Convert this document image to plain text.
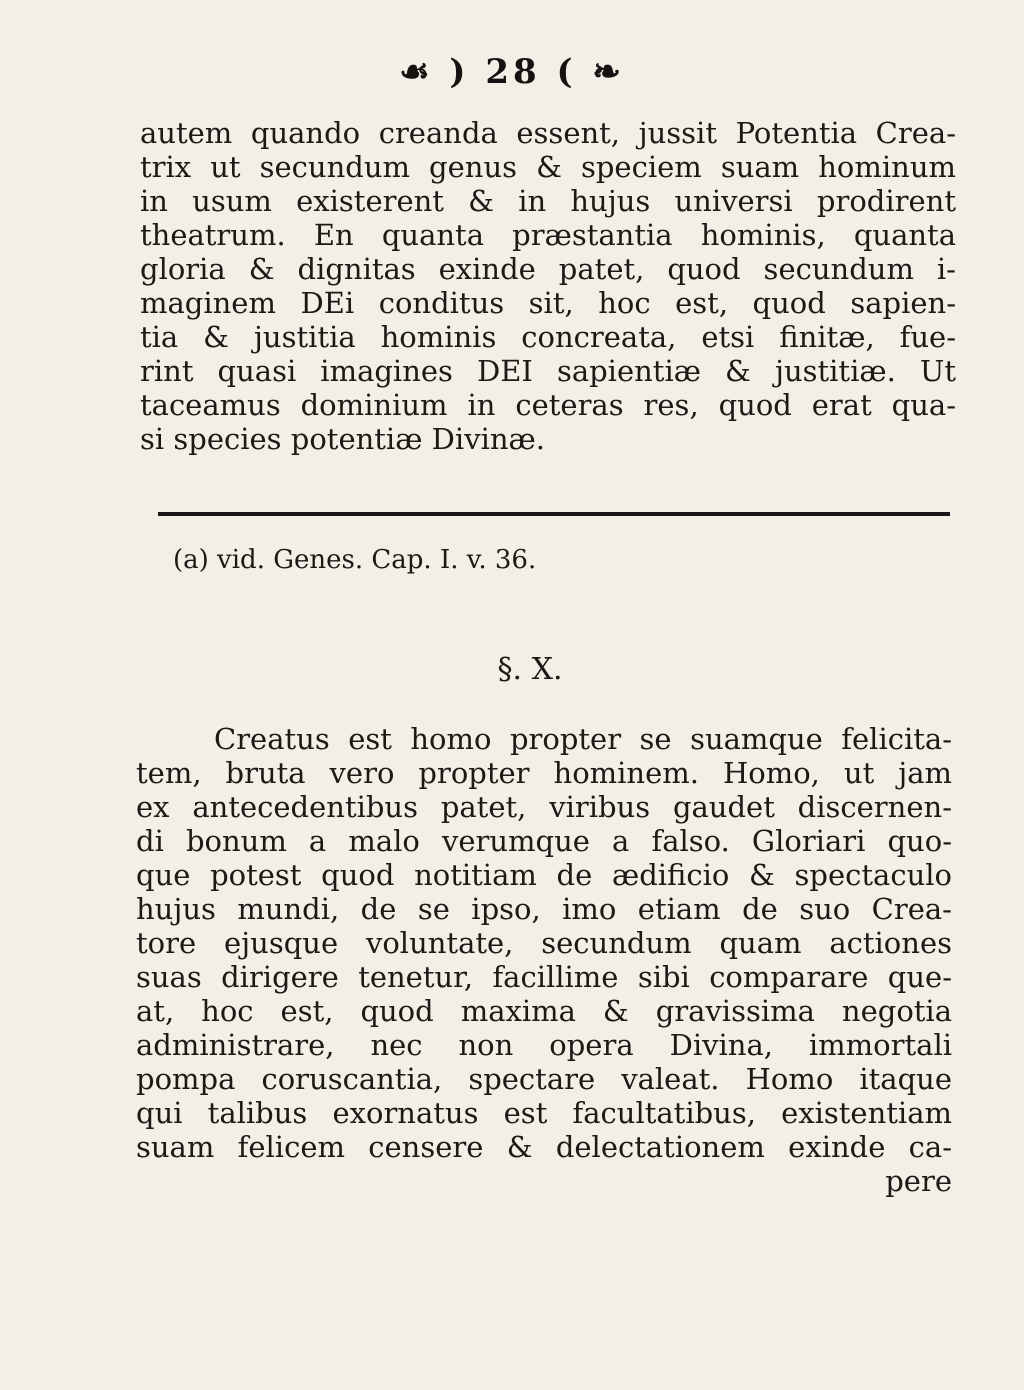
☙ ) 28 ( ❧
autem quando creanda essent, jussit Potentia Crea-
trix ut secundum genus & speciem suam hominum
in usum existerent & in hujus universi prodirent
theatrum. En quanta præstantia hominis, quanta
gloria & dignitas exinde patet, quod secundum i-
maginem DEi conditus sit, hoc est, quod sapien-
tia & justitia hominis concreata, etsi finitæ, fue-
rint quasi imagines DEI sapientiæ & justitiæ. Ut
taceamus dominium in ceteras res, quod erat qua-
si species potentiæ Divinæ.
(a) vid. Genes. Cap. I. v. 36.
§. X.
Creatus est homo propter se suamque felicita-
tem, bruta vero propter hominem. Homo, ut jam
ex antecedentibus patet, viribus gaudet discernen-
di bonum a malo verumque a falso. Gloriari quo-
que potest quod notitiam de ædificio & spectaculo
hujus mundi, de se ipso, imo etiam de suo Crea-
tore ejusque voluntate, secundum quam actiones
suas dirigere tenetur, facillime sibi comparare que-
at, hoc est, quod maxima & gravissima negotia
administrare, nec non opera Divina, immortali
pompa coruscantia, spectare valeat. Homo itaque
qui talibus exornatus est facultatibus, existentiam
suam felicem censere & delectationem exinde ca-
pere
